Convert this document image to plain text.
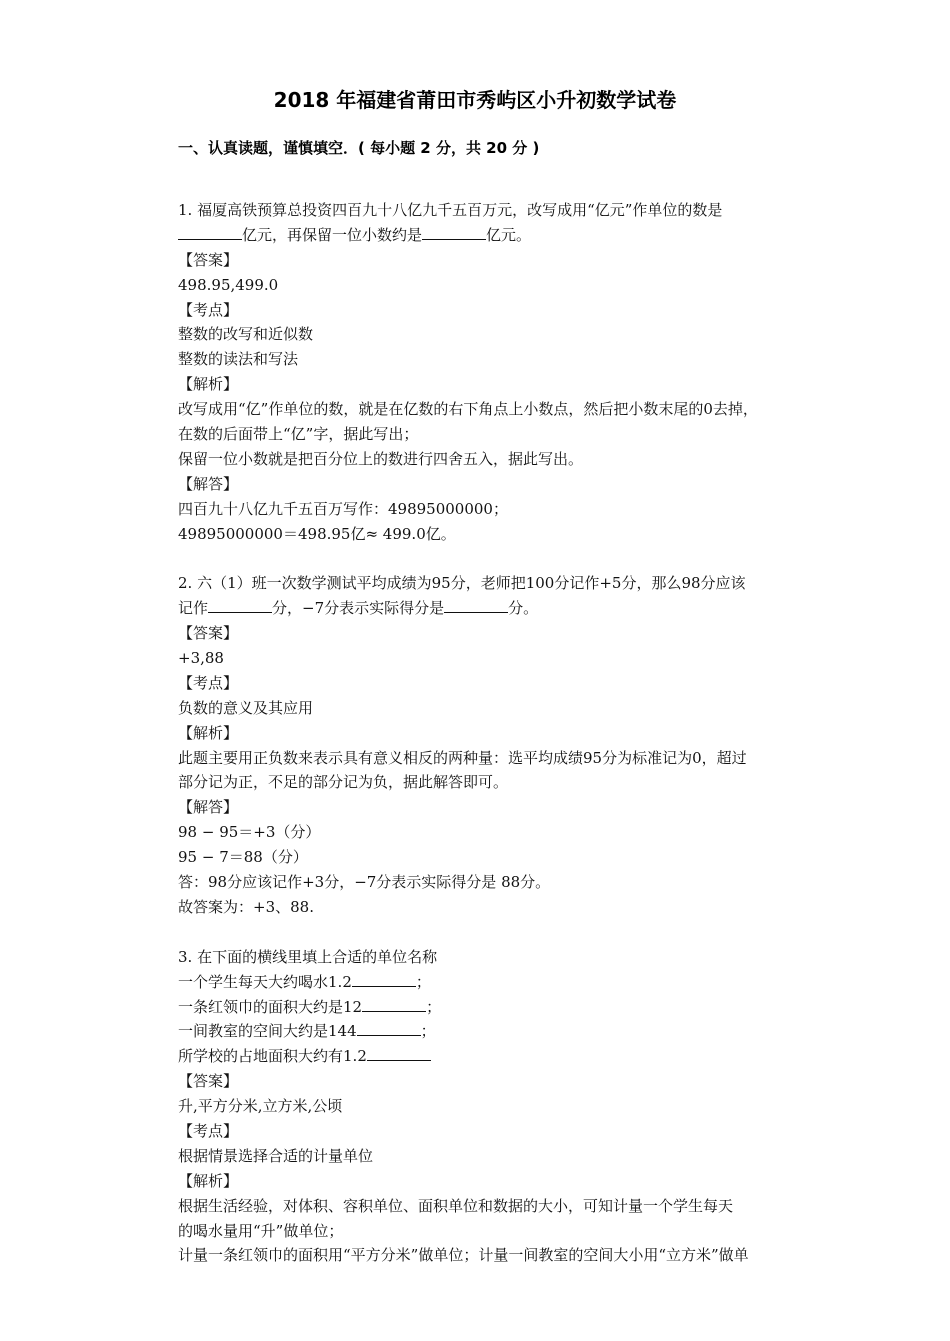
2018 年福建省莆田市秀屿区小升初数学试卷
一、认真读题，谨慎填空．( 每小题 2 分，共 20 分 )
1. 福厦高铁预算总投资四百九十八亿九千五百万元，改写成用“亿元”作单位的数是
亿元，再保留一位小数约是	亿元。
【答案】
498.95,499.0
【考点】
整数的改写和近似数
整数的读法和写法
【解析】
改写成用“亿”作单位的数，就是在亿数的右下角点上小数点，然后把小数末尾的0去掉，
在数的后面带上“亿”字，据此写出；
保留一位小数就是把百分位上的数进行四舍五入，据此写出。
【解答】
四百九十八亿九千五百万写作：49895000000；
49895000000＝498.95亿≈ 499.0亿。
2. 六（1）班一次数学测试平均成绩为95分，老师把100分记作+5分，那么98分应该
记作	分，−7分表示实际得分是	分。
【答案】
+3,88
【考点】
负数的意义及其应用
【解析】
此题主要用正负数来表示具有意义相反的两种量：选平均成绩95分为标准记为0，超过
部分记为正，不足的部分记为负，据此解答即可。
【解答】
98 − 95＝+3（分）
95 − 7＝88（分）
答：98分应该记作+3分，−7分表示实际得分是 88分。
故答案为：+3、88.
3. 在下面的横线里填上合适的单位名称
一个学生每天大约喝水1.2	；
一条红领巾的面积大约是12	；
一间教室的空间大约是144	；
所学校的占地面积大约有1.2
【答案】
升,平方分米,立方米,公顷
【考点】
根据情景选择合适的计量单位
【解析】
根据生活经验，对体积、容积单位、面积单位和数据的大小，可知计量一个学生每天
的喝水量用“升”做单位；
计量一条红领巾的面积用“平方分米”做单位；计量一间教室的空间大小用“立方米”做单
